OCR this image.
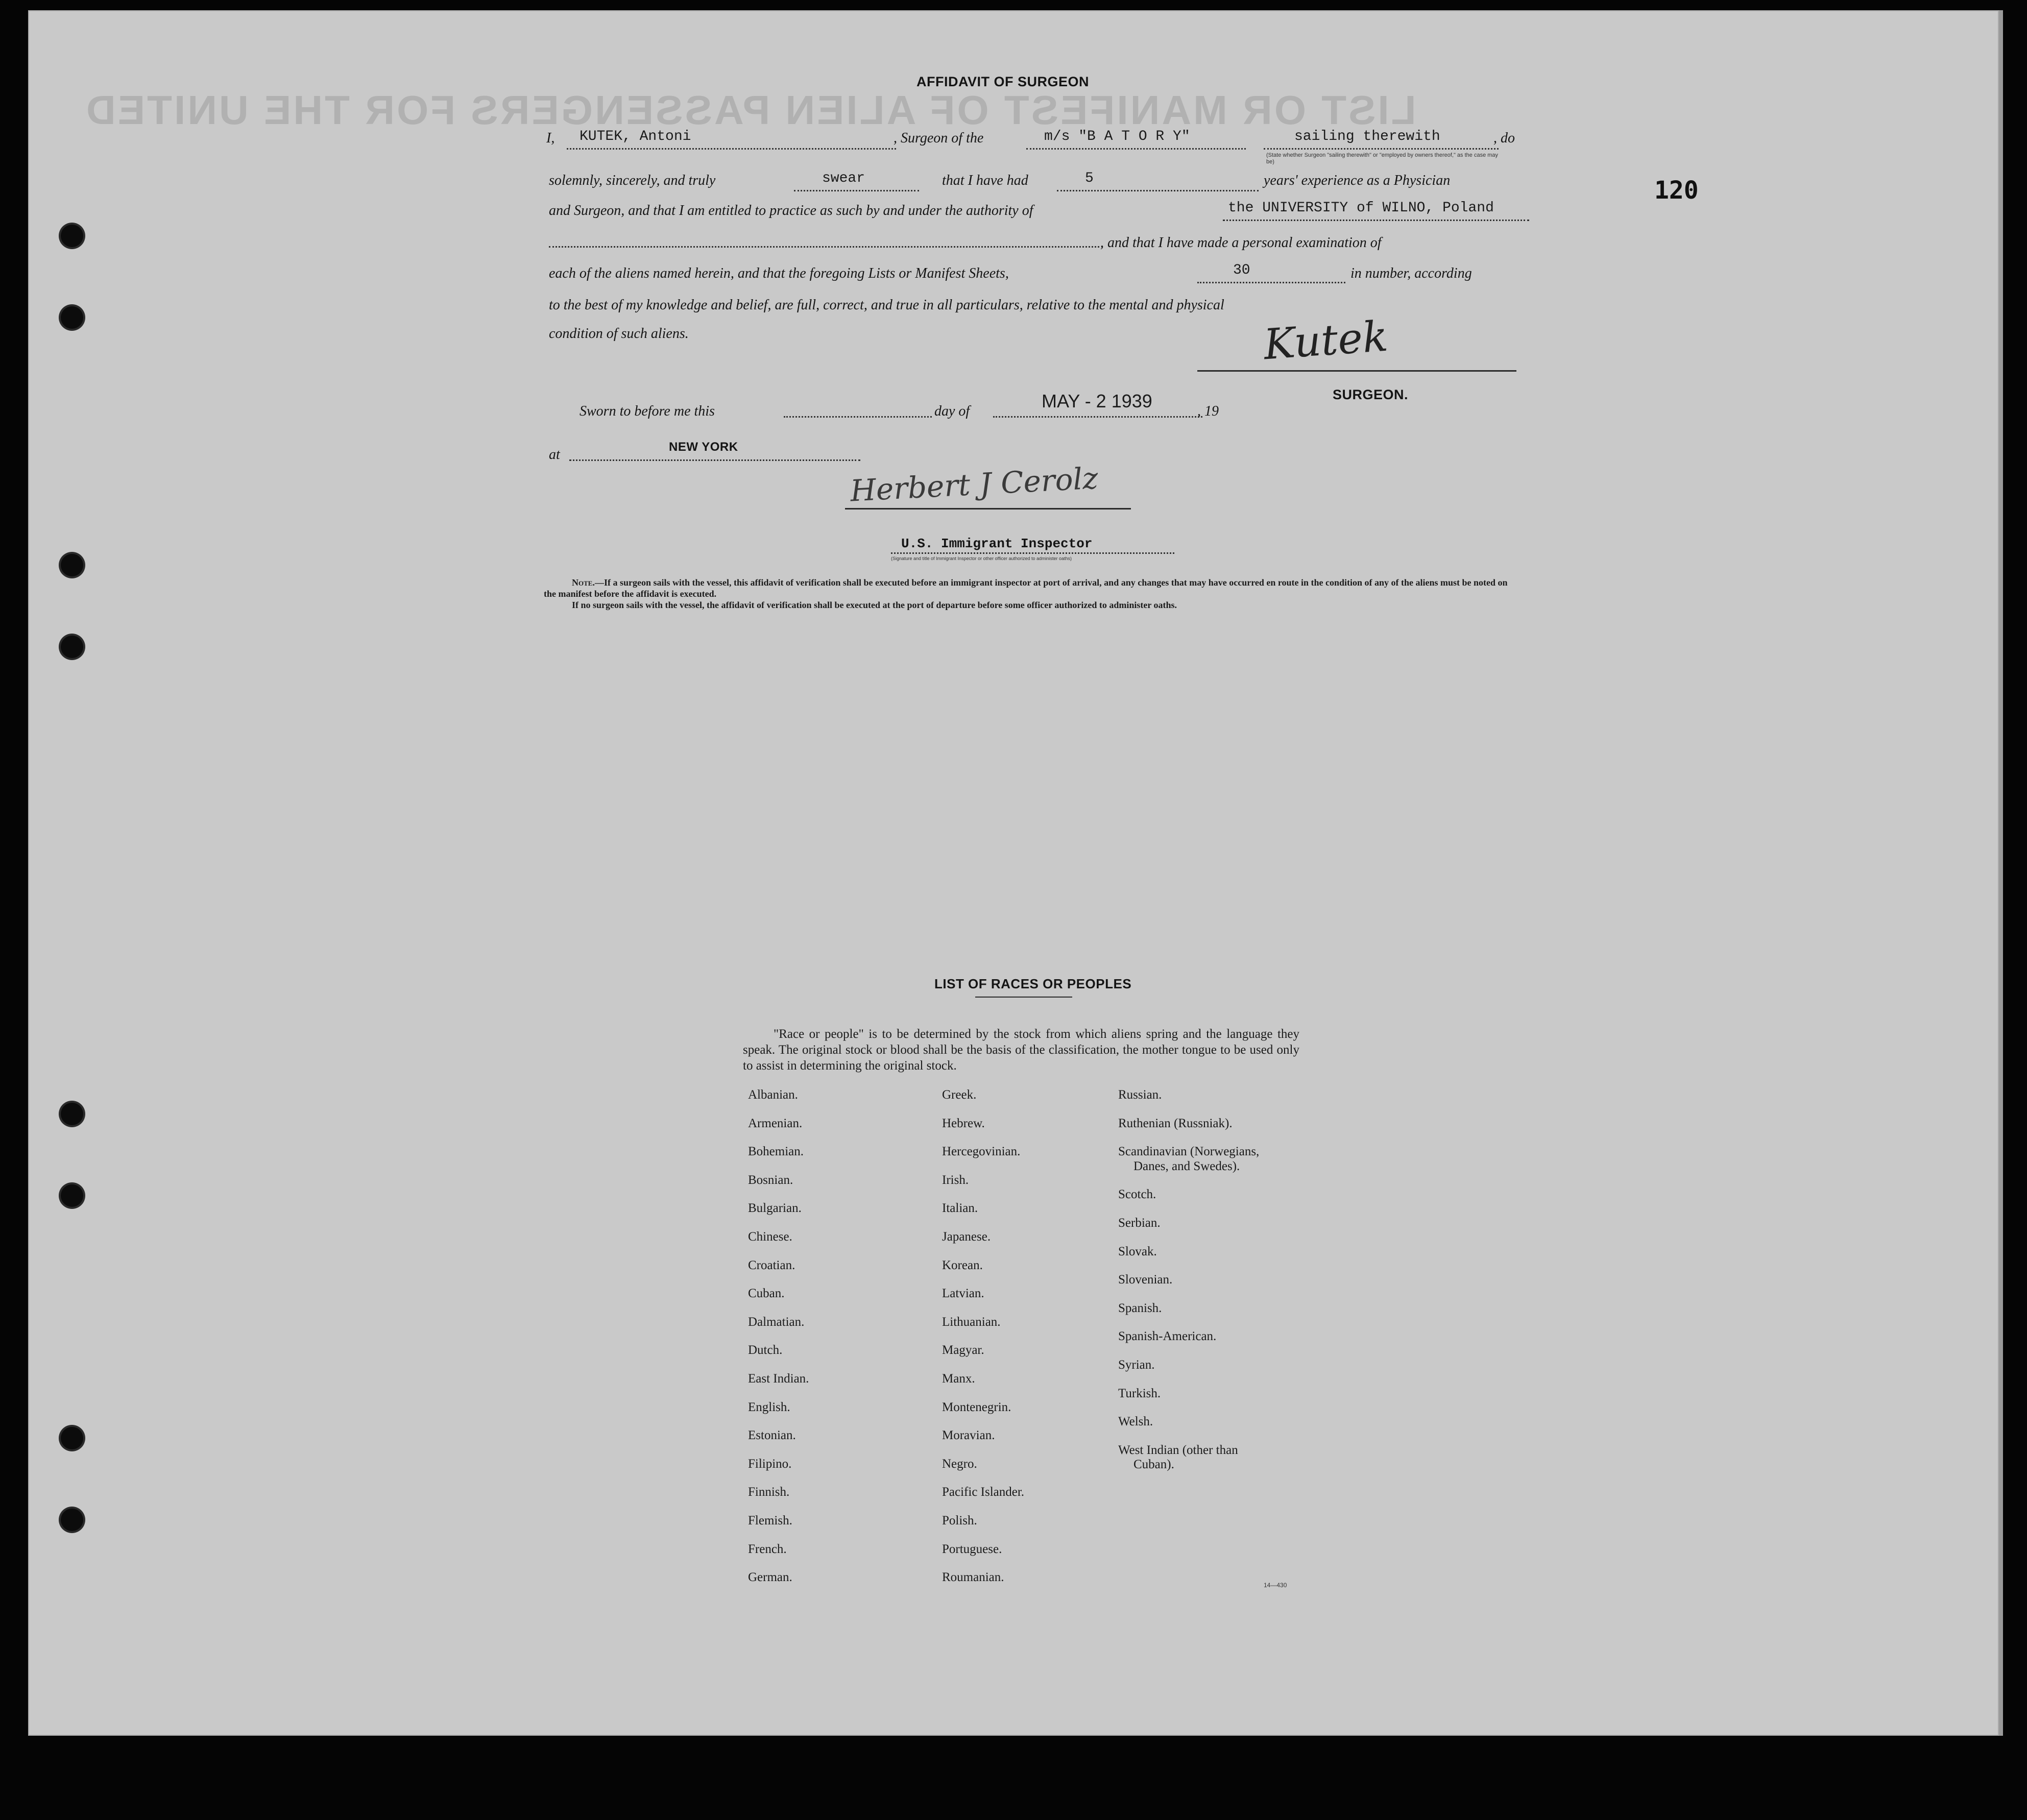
LIST OR MANIFEST OF ALIEN PASSENGERS FOR THE UNITED
120
AFFIDAVIT OF SURGEON
I, KUTEK, Antoni	, Surgeon of the	m/s "B A T O R Y"	sailing therewith	, do
(State whether Surgeon "sailing therewith" or "employed by owners thereof," as the case may be)
solemnly, sincerely, and truly	swear	that I have had	5	years' experience as a Physician
and Surgeon, and that I am entitled to practice as such by and under the authority of	the UNIVERSITY of WILNO, Poland
, and that I have made a personal examination of
each of the aliens named herein, and that the foregoing Lists or Manifest Sheets,	30	in number, according
to the best of my knowledge and belief, are full, correct, and true in all particulars, relative to the mental and physical
condition of such aliens.	Kutek
SURGEON.
Sworn to before me this	day of	MAY - 2 1939	, 19
at	NEW YORK
Herbert J Cerolz
U.S. Immigrant Inspector
(Signature and title of Immigrant Inspector or other officer authorized to administer oaths)
Note.—If a surgeon sails with the vessel, this affidavit of verification shall be executed before an immigrant inspector at port of arrival, and any changes that may have occurred en route in the condition of any of the aliens must be noted on the manifest before the affidavit is executed.
If no surgeon sails with the vessel, the affidavit of verification shall be executed at the port of departure before some officer authorized to administer oaths.
LIST OF RACES OR PEOPLES
"Race or people" is to be determined by the stock from which aliens spring and the language they speak. The original stock or blood shall be the basis of the classification, the mother tongue to be used only to assist in determining the original stock.
Albanian.
Armenian.
Bohemian.
Bosnian.
Bulgarian.
Chinese.
Croatian.
Cuban.
Dalmatian.
Dutch.
East Indian.
English.
Estonian.
Filipino.
Finnish.
Flemish.
French.
German.
Greek.
Hebrew.
Hercegovinian.
Irish.
Italian.
Japanese.
Korean.
Latvian.
Lithuanian.
Magyar.
Manx.
Montenegrin.
Moravian.
Negro.
Pacific Islander.
Polish.
Portuguese.
Roumanian.
Russian.
Ruthenian (Russniak).
Scandinavian (Norwegians,
Danes, and Swedes).
Scotch.
Serbian.
Slovak.
Slovenian.
Spanish.
Spanish-American.
Syrian.
Turkish.
Welsh.
West Indian (other than
Cuban).
14—430
